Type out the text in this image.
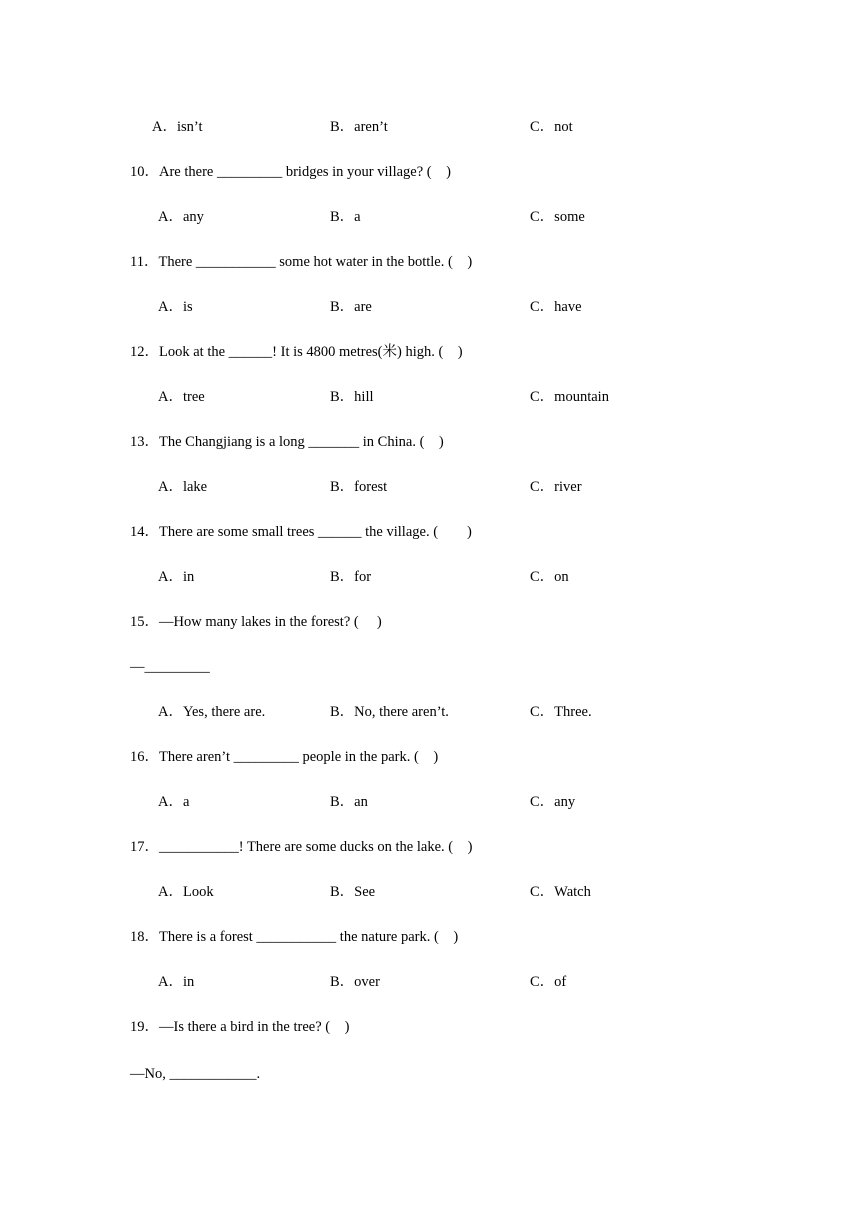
A．isn’t	B．aren’t	C．not
10．Are there _________ bridges in your village? (    )
A．any	B．a	C．some
11．There ___________ some hot water in the bottle. (    )
A．is	B．are	C．have
12．Look at the ______! It is 4800 metres(米) high. (    )
A．tree	B．hill	C．mountain
13．The Changjiang is a long _______ in China. (    )
A．lake	B．forest	C．river
14．There are some small trees ______ the village. (        )
A．in	B．for	C．on
15．—How many lakes in the forest? (     )
—_________
A．Yes, there are.	B．No, there aren’t.	C．Three.
16．There aren’t _________ people in the park. (    )
A．a	B．an	C．any
17．___________! There are some ducks on the lake. (    )
A．Look	B．See	C．Watch
18．There is a forest ___________ the nature park. (    )
A．in	B．over	C．of
19．—Is there a bird in the tree? (    )
—No, ____________.
